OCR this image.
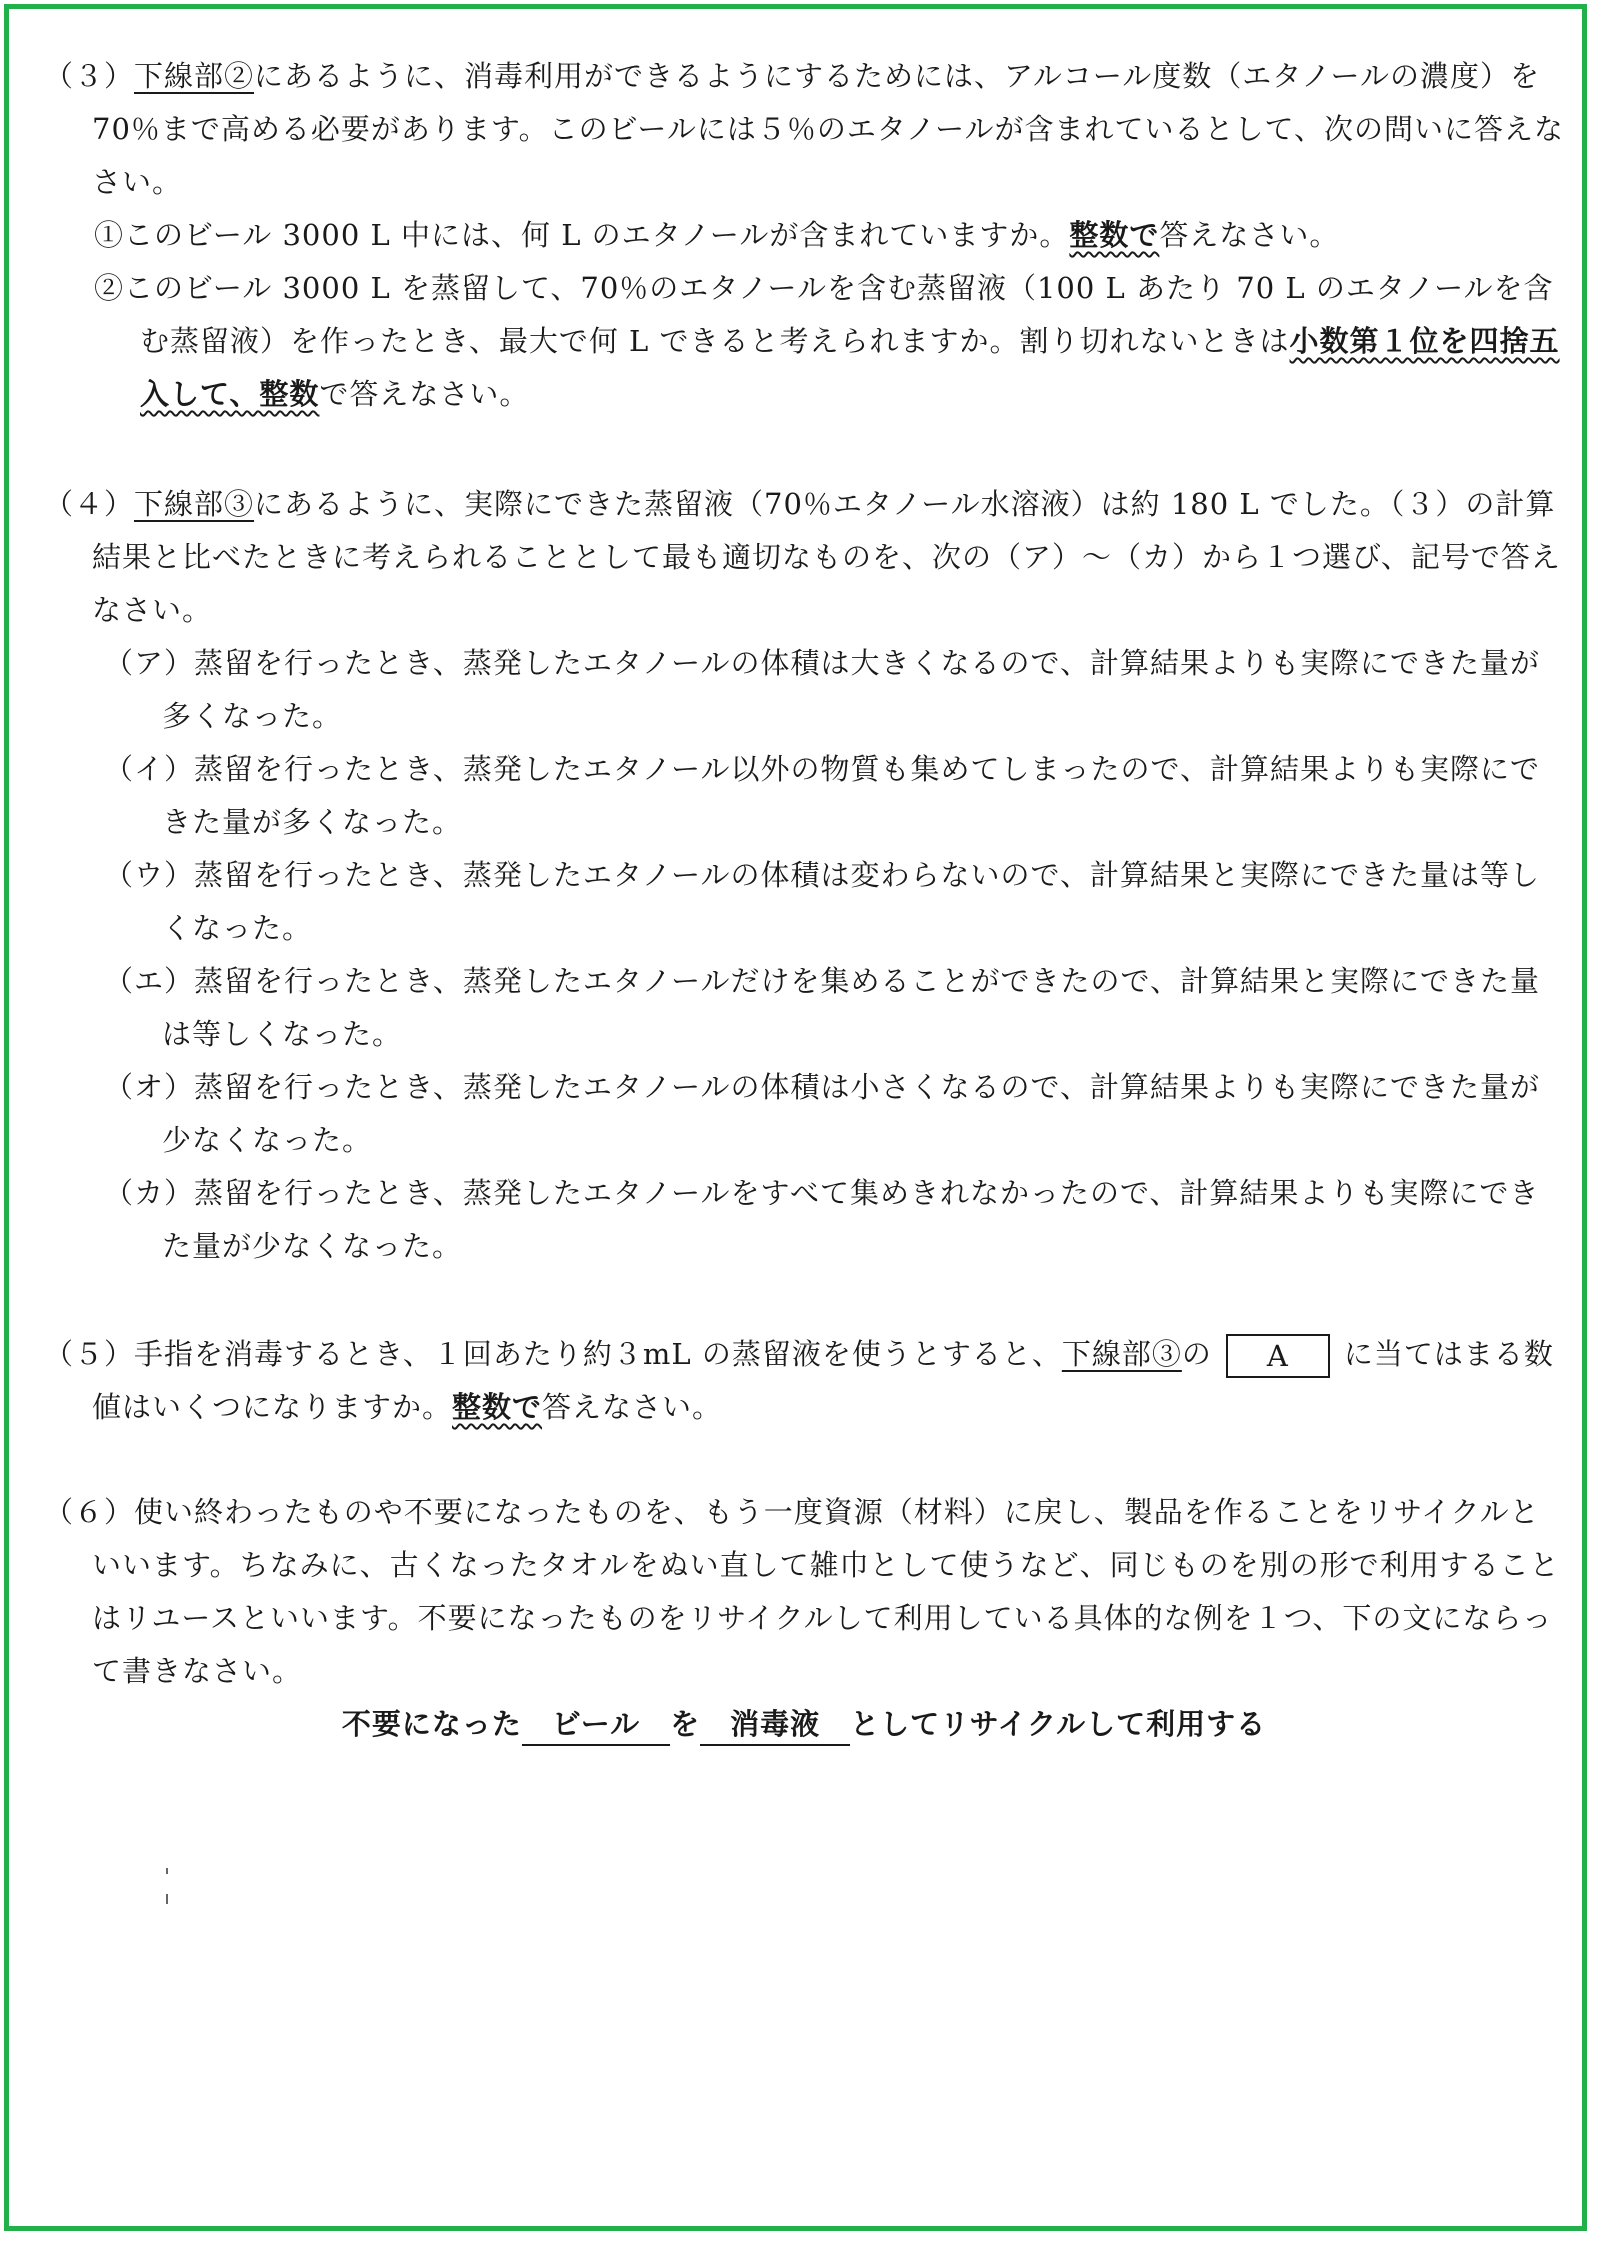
（３）下線部②にあるように、消毒利用ができるようにするためには、アルコール度数（エタノールの濃度）を70％まで高める必要があります。このビールには５％のエタノールが含まれているとして、次の問いに答えなさい。

①このビール 3000 L 中には、何 L のエタノールが含まれていますか。整数で答えなさい。

②このビール 3000 L を蒸留して、70％のエタノールを含む蒸留液（100 L あたり 70 L のエタノールを含む蒸留液）を作ったとき、最大で何 L できると考えられますか。割り切れないときは小数第１位を四捨五入して、整数で答えなさい。

（４）下線部③にあるように、実際にできた蒸留液（70％エタノール水溶液）は約 180 L でした。（３）の計算結果と比べたときに考えられることとして最も適切なものを、次の（ア）～（カ）から１つ選び、記号で答えなさい。

（ア）蒸留を行ったとき、蒸発したエタノールの体積は大きくなるので、計算結果よりも実際にできた量が多くなった。

（イ）蒸留を行ったとき、蒸発したエタノール以外の物質も集めてしまったので、計算結果よりも実際にできた量が多くなった。

（ウ）蒸留を行ったとき、蒸発したエタノールの体積は変わらないので、計算結果と実際にできた量は等しくなった。

（エ）蒸留を行ったとき、蒸発したエタノールだけを集めることができたので、計算結果と実際にできた量は等しくなった。

（オ）蒸留を行ったとき、蒸発したエタノールの体積は小さくなるので、計算結果よりも実際にできた量が少なくなった。

（カ）蒸留を行ったとき、蒸発したエタノールをすべて集めきれなかったので、計算結果よりも実際にできた量が少なくなった。

（５）手指を消毒するとき、１回あたり約３mL の蒸留液を使うとすると、下線部③の A に当てはまる数値はいくつになりますか。整数で答えなさい。

（６）使い終わったものや不要になったものを、もう一度資源（材料）に戻し、製品を作ることをリサイクルといいます。ちなみに、古くなったタオルをぬい直して雑巾として使うなど、同じものを別の形で利用することはリユースといいます。不要になったものをリサイクルして利用している具体的な例を１つ、下の文にならって書きなさい。

不要になった ビール を 消毒液 としてリサイクルして利用する
